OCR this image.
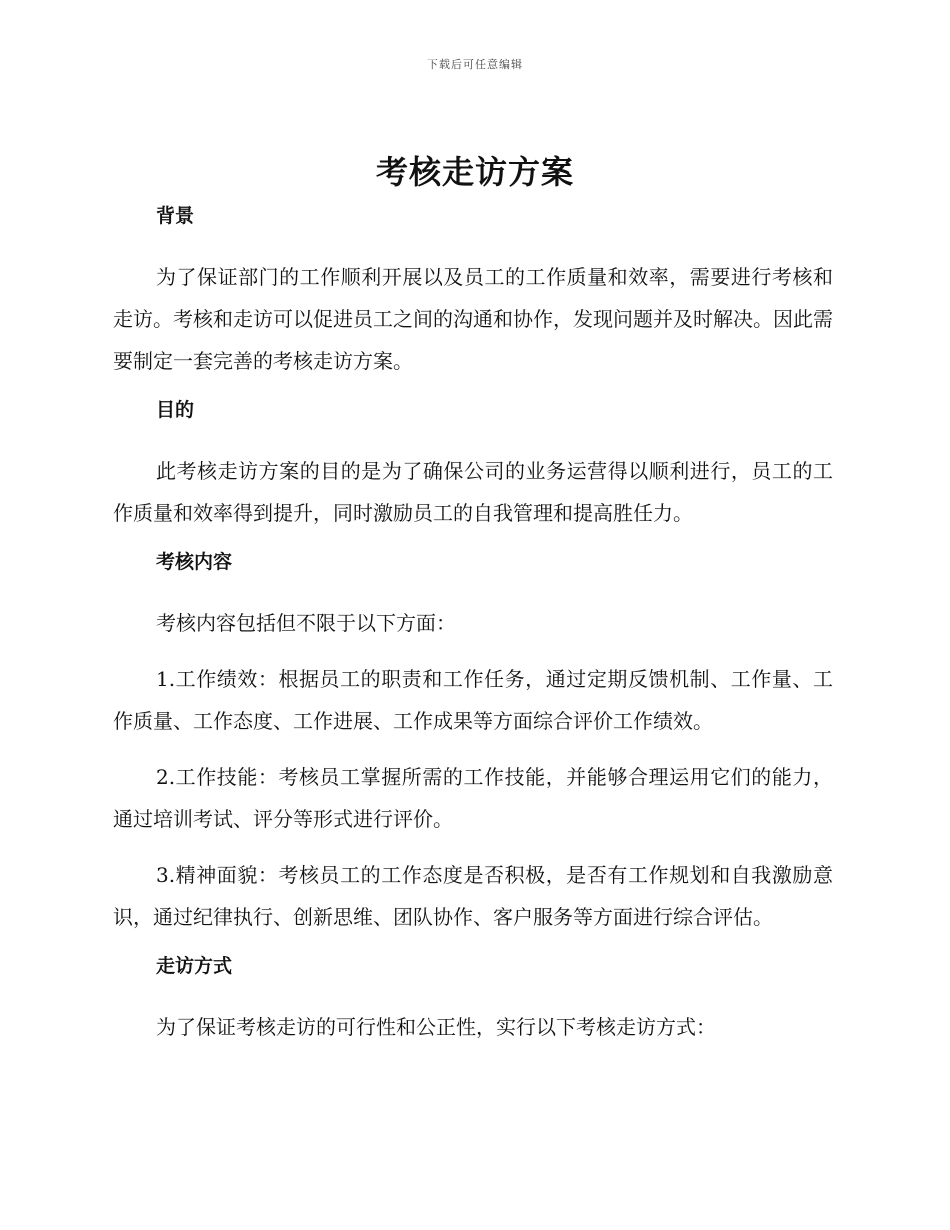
下载后可任意编辑
考核走访方案
背景

为了保证部门的工作顺利开展以及员工的工作质量和效率，需要进行考核和走访。考核和走访可以促进员工之间的沟通和协作，发现问题并及时解决。因此需要制定一套完善的考核走访方案。

目的

此考核走访方案的目的是为了确保公司的业务运营得以顺利进行，员工的工作质量和效率得到提升，同时激励员工的自我管理和提高胜任力。

考核内容

考核内容包括但不限于以下方面：

1.工作绩效：根据员工的职责和工作任务，通过定期反馈机制、工作量、工作质量、工作态度、工作进展、工作成果等方面综合评价工作绩效。

2.工作技能：考核员工掌握所需的工作技能，并能够合理运用它们的能力，通过培训考试、评分等形式进行评价。

3.精神面貌：考核员工的工作态度是否积极，是否有工作规划和自我激励意识，通过纪律执行、创新思维、团队协作、客户服务等方面进行综合评估。

走访方式

为了保证考核走访的可行性和公正性，实行以下考核走访方式：
